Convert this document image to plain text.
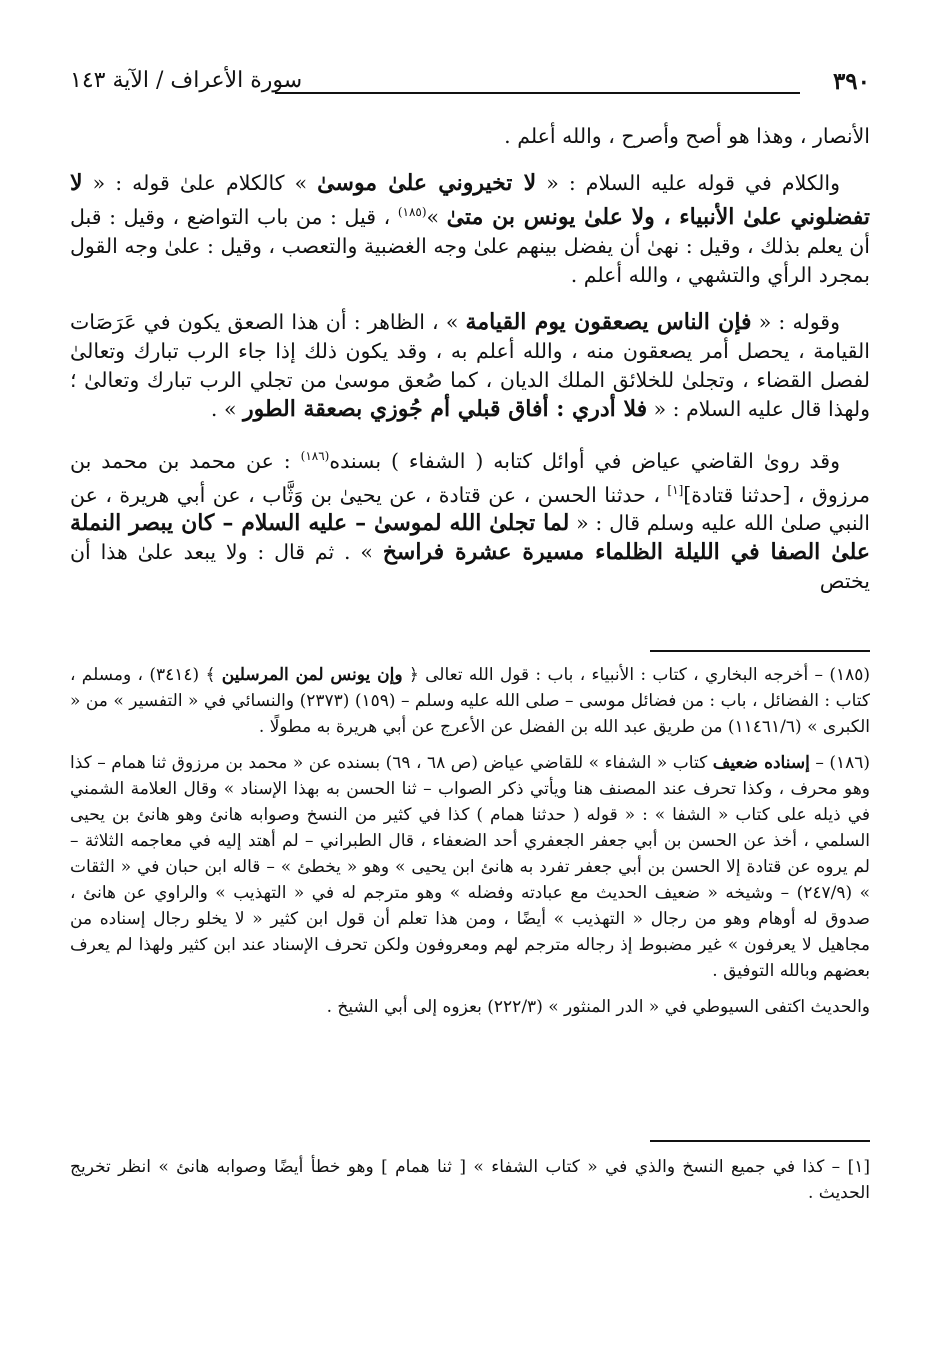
٣٩٠
سورة الأعراف / الآية ١٤٣

الأنصار ، وهذا هو أصح وأصرح ، والله أعلم .

والكلام في قوله عليه السلام : « لا تخيروني علىٰ موسىٰ » كالكلام علىٰ قوله : « لا تفضلوني علىٰ الأنبياء ، ولا علىٰ يونس بن متىٰ »$^{(١٨٥)}$ ، قيل : من باب التواضع ، وقيل : قبل أن يعلم بذلك ، وقيل : نهىٰ أن يفضل بينهم علىٰ وجه الغضبية والتعصب ، وقيل : علىٰ وجه القول بمجرد الرأي والتشهي ، والله أعلم .

وقوله : « فإن الناس يصعقون يوم القيامة » ، الظاهر : أن هذا الصعق يكون في عَرَصَات القيامة ، يحصل أمر يصعقون منه ، والله أعلم به ، وقد يكون ذلك إذا جاء الرب تبارك وتعالىٰ لفصل القضاء ، وتجلىٰ للخلائق الملك الديان ، كما صُعق موسىٰ من تجلي الرب تبارك وتعالىٰ ؛ ولهذا قال عليه السلام : « فلا أدري : أفاق قبلي أم جُوزي بصعقة الطور » .

وقد روىٰ القاضي عياض في أوائل كتابه ( الشفاء ) بسنده$^{(١٨٦)}$ : عن محمد بن محمد بن مرزوق ، [حدثنا قتادة][١] ، حدثنا الحسن ، عن قتادة ، عن يحيىٰ بن وَثَّاب ، عن أبي هريرة ، عن النبي صلىٰ الله عليه وسلم قال : « لما تجلىٰ الله لموسىٰ – عليه السلام – كان يبصر النملة علىٰ الصفا في الليلة الظلماء مسيرة عشرة فراسخ » . ثم قال : ولا يبعد علىٰ هذا أن يختص

(١٨٥) – أخرجه البخاري ، كتاب : الأنبياء ، باب : قول الله تعالى ﴿ وإن يونس لمن المرسلين ﴾ (٣٤١٤) ، ومسلم ، كتاب : الفضائل ، باب : من فضائل موسى – صلى الله عليه وسلم – (١٥٩) (٢٣٧٣) والنسائي في « التفسير » من « الكبرى » (١١٤٦١/٦) من طريق عبد الله بن الفضل عن الأعرج عن أبي هريرة به مطولًا .

(١٨٦) – إسناده ضعيف كتاب « الشفاء » للقاضي عياض (ص ٦٨ ، ٦٩) بسنده عن « محمد بن مرزوق ثنا همام – كذا وهو محرف ، وكذا تحرف عند المصنف هنا ويأتي ذكر الصواب – ثنا الحسن به بهذا الإسناد » وقال العلامة الشمني في ذيله على كتاب « الشفا » : « قوله ( حدثنا همام ) كذا في كثير من النسخ وصوابه هانئ وهو هانئ بن يحيى السلمي ، أخذ عن الحسن بن أبي جعفر الجعفري أحد الضعفاء ، قال الطبراني – لم أهتد إليه في معاجمه الثلاثة – لم يروه عن قتادة إلا الحسن بن أبي جعفر تفرد به هانئ ابن يحيى » وهو « يخطئ » – قاله ابن حبان في « الثقات » (٢٤٧/٩) – وشيخه « ضعيف الحديث مع عبادته وفضله » وهو مترجم له في « التهذيب » والراوي عن هانئ ، صدوق له أوهام وهو من رجال « التهذيب » أيضًا ، ومن هذا تعلم أن قول ابن كثير « لا يخلو رجال إسناده من مجاهيل لا يعرفون » غير مضبوط إذ رجاله مترجم لهم ومعروفون ولكن تحرف الإسناد عند ابن كثير ولهذا لم يعرف بعضهم وبالله التوفيق .

والحديث اكتفى السيوطي في « الدر المنثور » (٢٢٢/٣) بعزوه إلى أبي الشيخ .

[١] – كذا في جميع النسخ والذي في « كتاب الشفاء » [ ثنا همام ] وهو خطأ أيضًا وصوابه هانئ » انظر تخريج الحديث .
